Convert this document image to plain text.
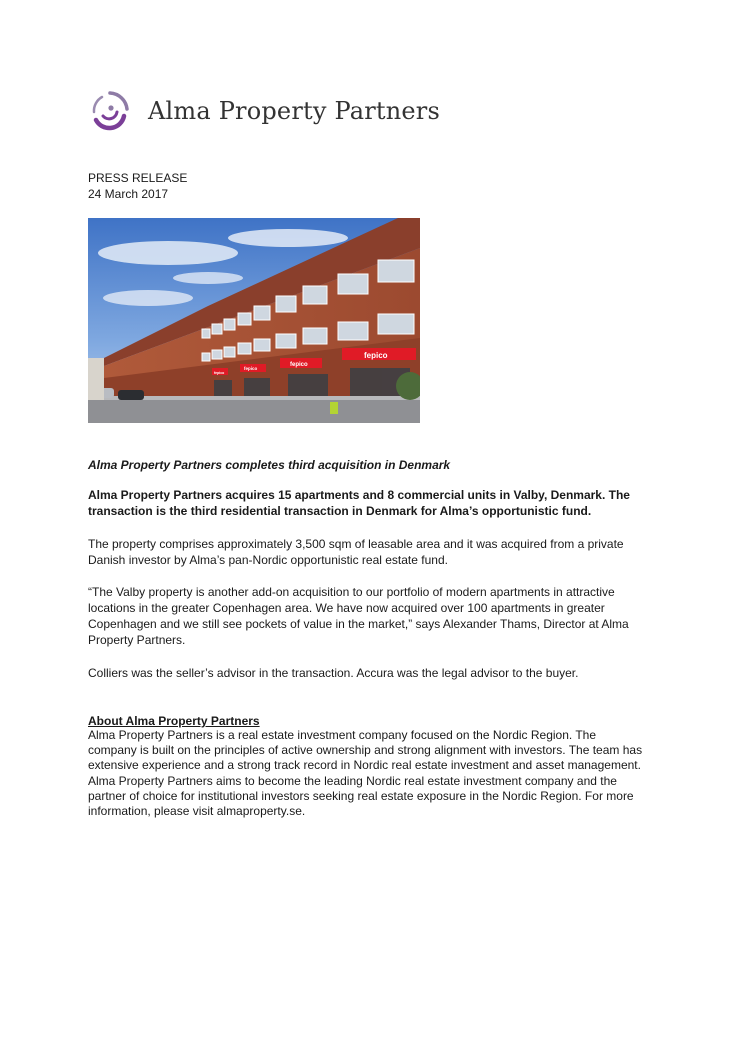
Alma Property Partners
PRESS RELEASE
24 March 2017
fepico
fepico
fepico
fepico
Alma Property Partners completes third acquisition in Denmark
Alma Property Partners acquires 15 apartments and 8 commercial units in Valby, Denmark. The transaction is the third residential transaction in Denmark for Alma’s opportunistic fund.
The property comprises approximately 3,500 sqm of leasable area and it was acquired from a private Danish investor by Alma’s pan-Nordic opportunistic real estate fund.
“The Valby property is another add-on acquisition to our portfolio of modern apartments in attractive locations in the greater Copenhagen area. We have now acquired over 100 apartments in greater Copenhagen and we still see pockets of value in the market,” says Alexander Thams, Director at Alma Property Partners.
Colliers was the seller’s advisor in the transaction. Accura was the legal advisor to the buyer.
About Alma Property Partners
Alma Property Partners is a real estate investment company focused on the Nordic Region. The company is built on the principles of active ownership and strong alignment with investors. The team has extensive experience and a strong track record in Nordic real estate investment and asset management. Alma Property Partners aims to become the leading Nordic real estate investment company and the partner of choice for institutional investors seeking real estate exposure in the Nordic Region. For more information, please visit almaproperty.se.
